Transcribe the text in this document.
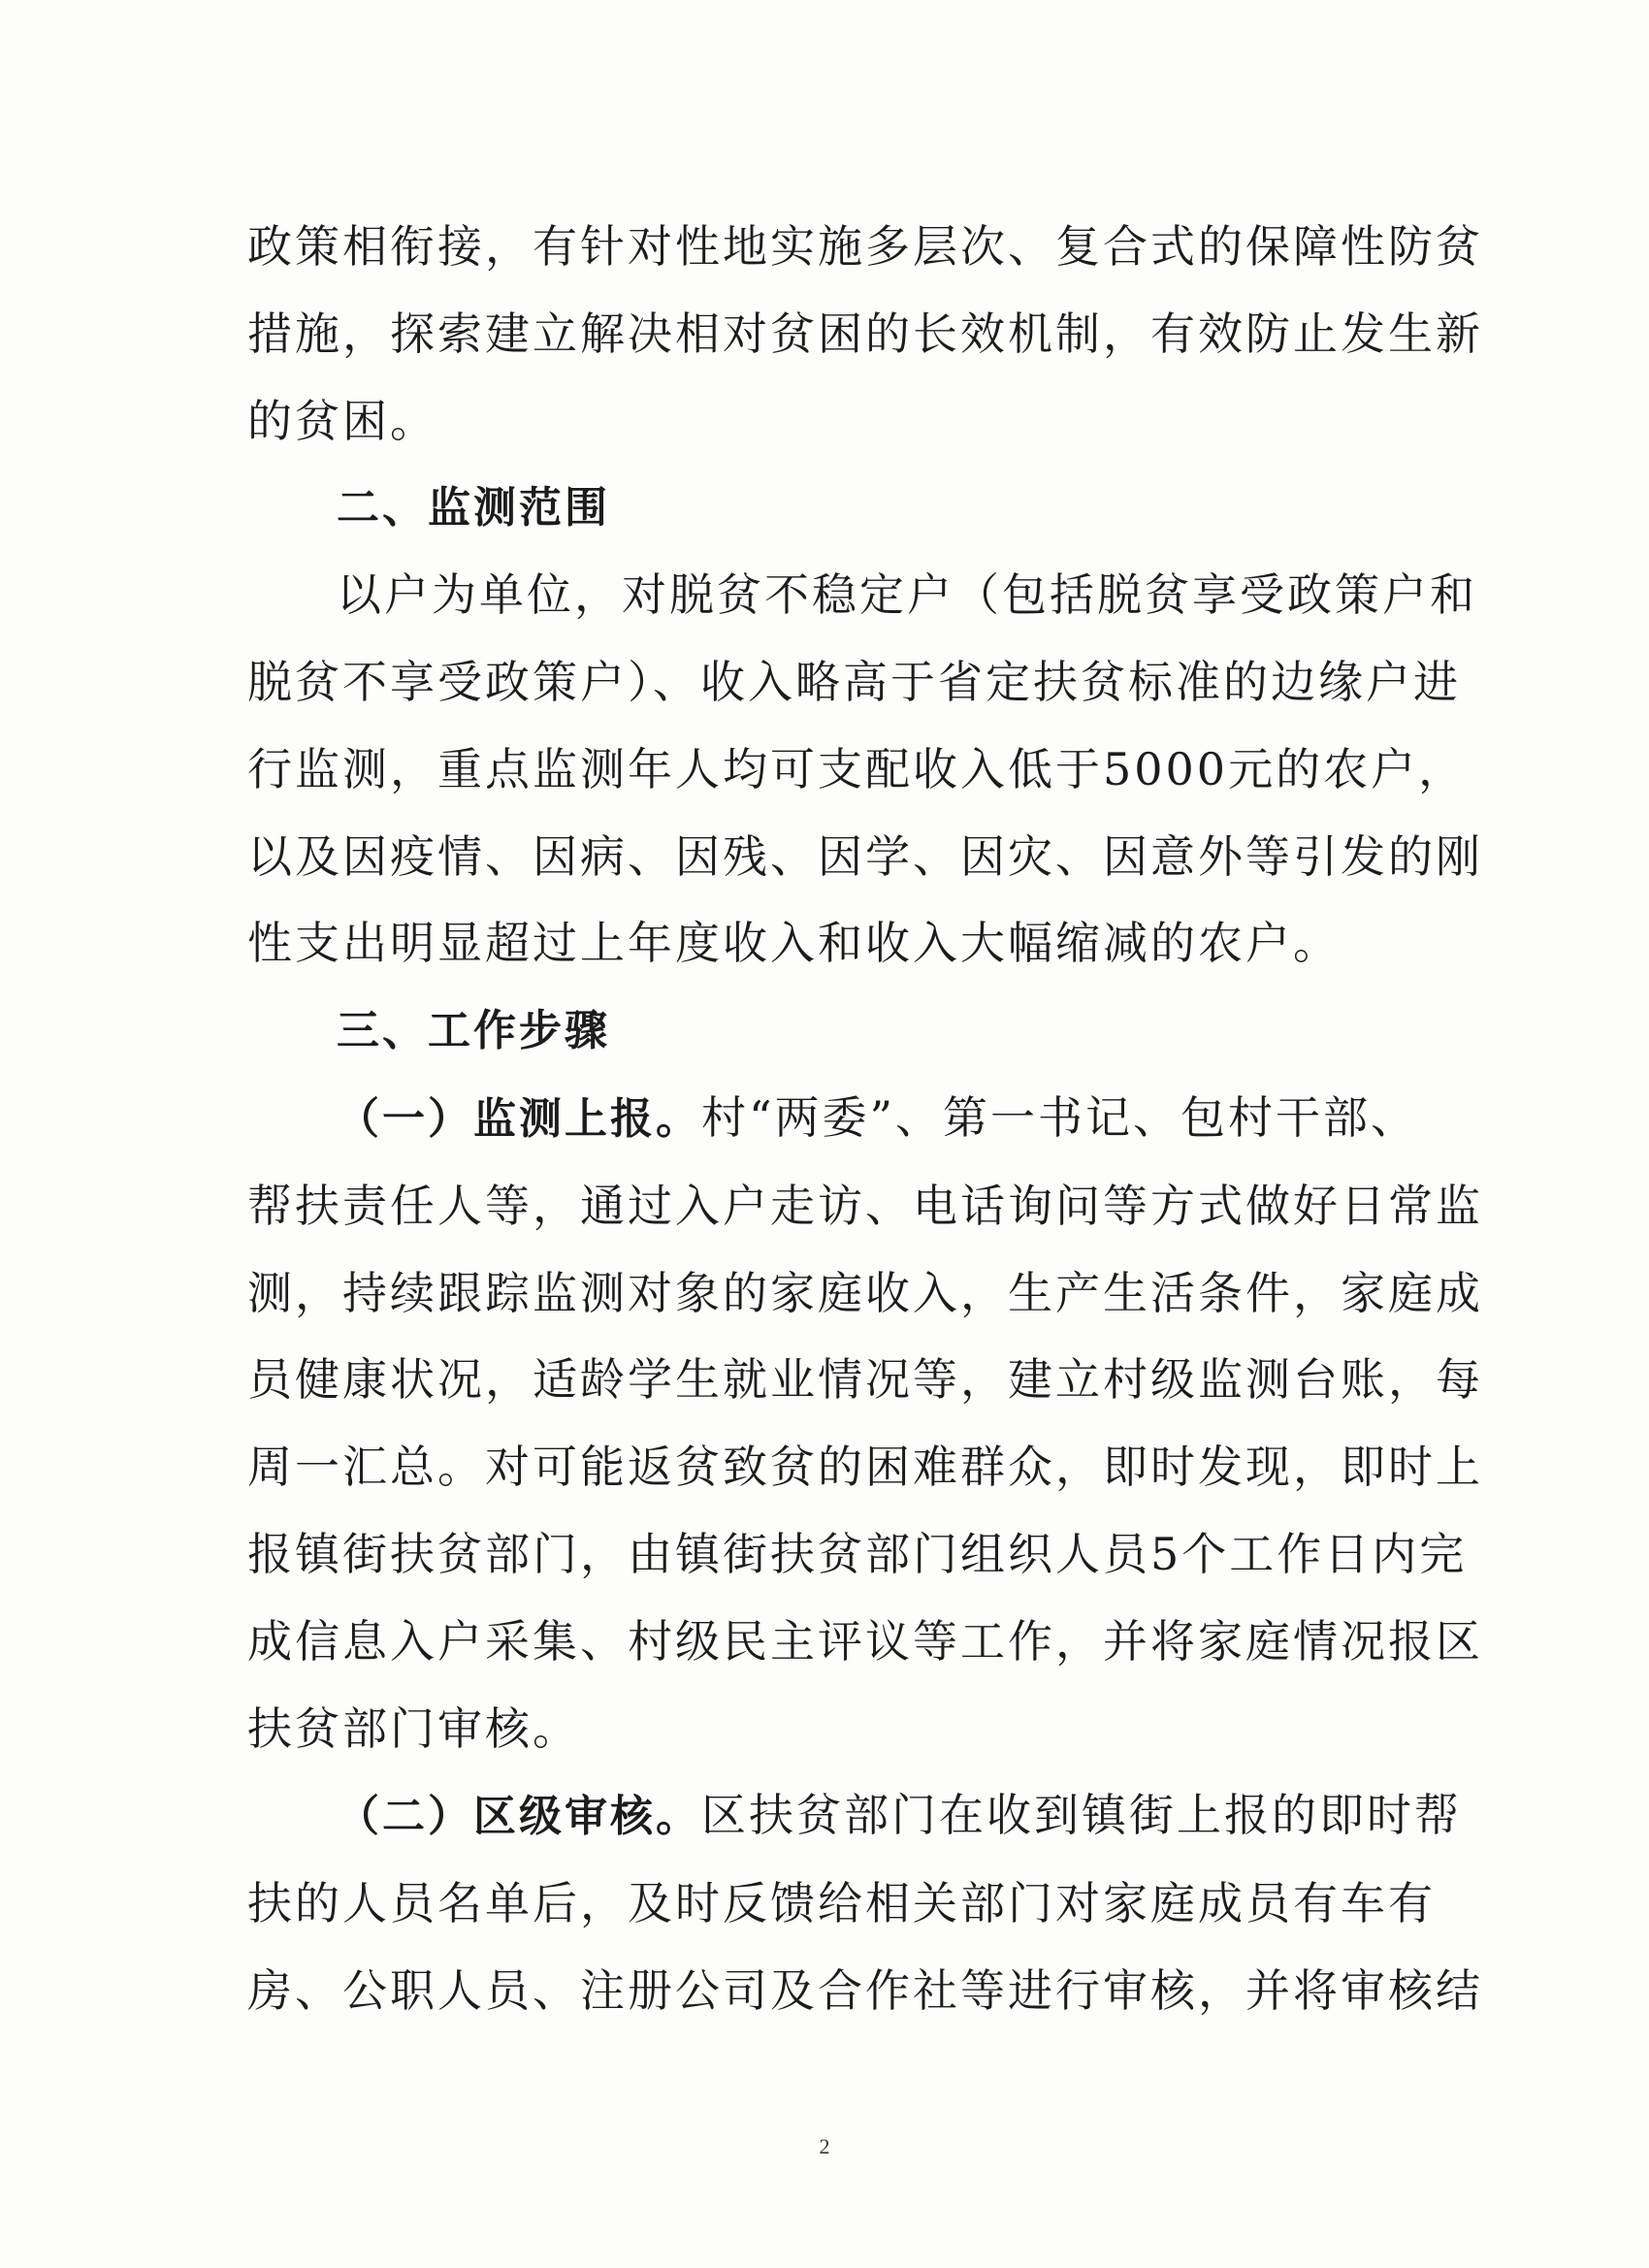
政策相衔接，有针对性地实施多层次、复合式的保障性防贫
措施，探索建立解决相对贫困的长效机制，有效防止发生新
的贫困。
二、监测范围
以户为单位，对脱贫不稳定户（包括脱贫享受政策户和
脱贫不享受政策户）、收入略高于省定扶贫标准的边缘户进
行监测，重点监测年人均可支配收入低于5000元的农户，
以及因疫情、因病、因残、因学、因灾、因意外等引发的刚
性支出明显超过上年度收入和收入大幅缩减的农户。
三、工作步骤
（一）监测上报。村“两委”、第一书记、包村干部、
帮扶责任人等，通过入户走访、电话询问等方式做好日常监
测，持续跟踪监测对象的家庭收入，生产生活条件，家庭成
员健康状况，适龄学生就业情况等，建立村级监测台账，每
周一汇总。对可能返贫致贫的困难群众，即时发现，即时上
报镇街扶贫部门，由镇街扶贫部门组织人员5个工作日内完
成信息入户采集、村级民主评议等工作，并将家庭情况报区
扶贫部门审核。
（二）区级审核。区扶贫部门在收到镇街上报的即时帮
扶的人员名单后，及时反馈给相关部门对家庭成员有车有
房、公职人员、注册公司及合作社等进行审核，并将审核结
2
